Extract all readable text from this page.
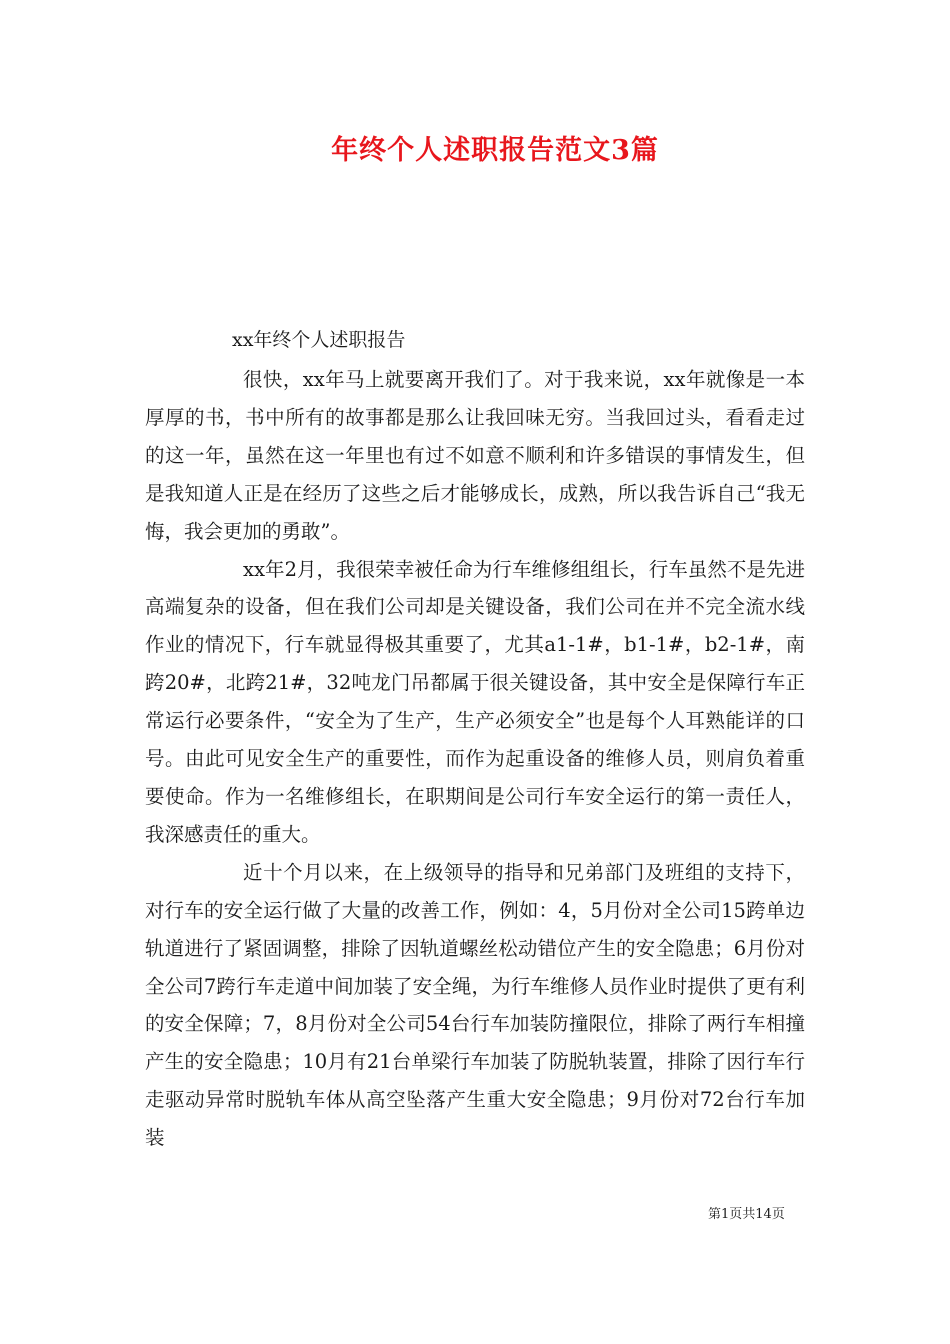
年终个人述职报告范文3篇
xx年终个人述职报告

很快，xx年马上就要离开我们了。对于我来说，xx年就像是一本厚厚的书，书中所有的故事都是那么让我回味无穷。当我回过头，看看走过的这一年，虽然在这一年里也有过不如意不顺利和许多错误的事情发生，但是我知道人正是在经历了这些之后才能够成长，成熟，所以我告诉自己“我无悔，我会更加的勇敢”。

xx年2月，我很荣幸被任命为行车维修组组长，行车虽然不是先进高端复杂的设备，但在我们公司却是关键设备，我们公司在并不完全流水线作业的情况下，行车就显得极其重要了，尤其a1-1#，b1-1#，b2-1#，南跨20#，北跨21#，32吨龙门吊都属于很关键设备，其中安全是保障行车正常运行必要条件，“安全为了生产，生产必须安全”也是每个人耳熟能详的口号。由此可见安全生产的重要性，而作为起重设备的维修人员，则肩负着重要使命。作为一名维修组长，在职期间是公司行车安全运行的第一责任人，我深感责任的重大。

近十个月以来，在上级领导的指导和兄弟部门及班组的支持下，对行车的安全运行做了大量的改善工作，例如：4，5月份对全公司15跨单边轨道进行了紧固调整，排除了因轨道螺丝松动错位产生的安全隐患；6月份对全公司7跨行车走道中间加装了安全绳，为行车维修人员作业时提供了更有利的安全保障；7，8月份对全公司54台行车加装防撞限位，排除了两行车相撞产生的安全隐患；10月有21台单梁行车加装了防脱轨装置，排除了因行车行走驱动异常时脱轨车体从高空坠落产生重大安全隐患；9月份对72台行车加装

第1页共14页
